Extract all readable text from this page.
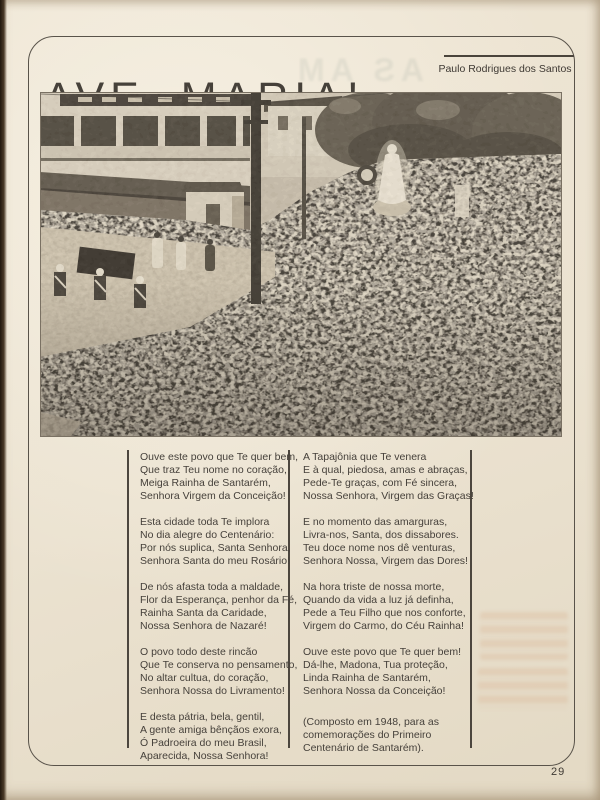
AS AM Paulo Rodrigues dos Santos
Ouve este povo que Te quer bem,
Que traz Teu nome no coração,
Meiga Rainha de Santarém,
Senhora Virgem da Conceição!
Esta cidade toda Te implora
No dia alegre do Centenário:
Por nós suplica, Santa Senhora,
Senhora Santa do meu Rosário!
De nós afasta toda a maldade,
Flor da Esperança, penhor da Fé,
Rainha Santa da Caridade,
Nossa Senhora de Nazaré!
O povo todo deste rincão
Que Te conserva no pensamento,
No altar cultua, do coração,
Senhora Nossa do Livramento!
E desta pátria, bela, gentil,
A gente amiga bênçãos exora,
Ó Padroeira do meu Brasil,
Aparecida, Nossa Senhora!
A Tapajônia que Te venera
E à qual, piedosa, amas e abraças,
Pede-Te graças, com Fé sincera,
Nossa Senhora, Virgem das Graças!
E no momento das amarguras,
Livra-nos, Santa, dos dissabores.
Teu doce nome nos dê venturas,
Senhora Nossa, Virgem das Dores!
Na hora triste de nossa morte,
Quando da vida a luz já definha,
Pede a Teu Filho que nos conforte,
Virgem do Carmo, do Céu Rainha!
Ouve este povo que Te quer bem!
Dá-lhe, Madona, Tua proteção,
Linda Rainha de Santarém,
Senhora Nossa da Conceição!
(Composto em 1948, para as
comemorações do Primeiro
Centenário de Santarém).
29
